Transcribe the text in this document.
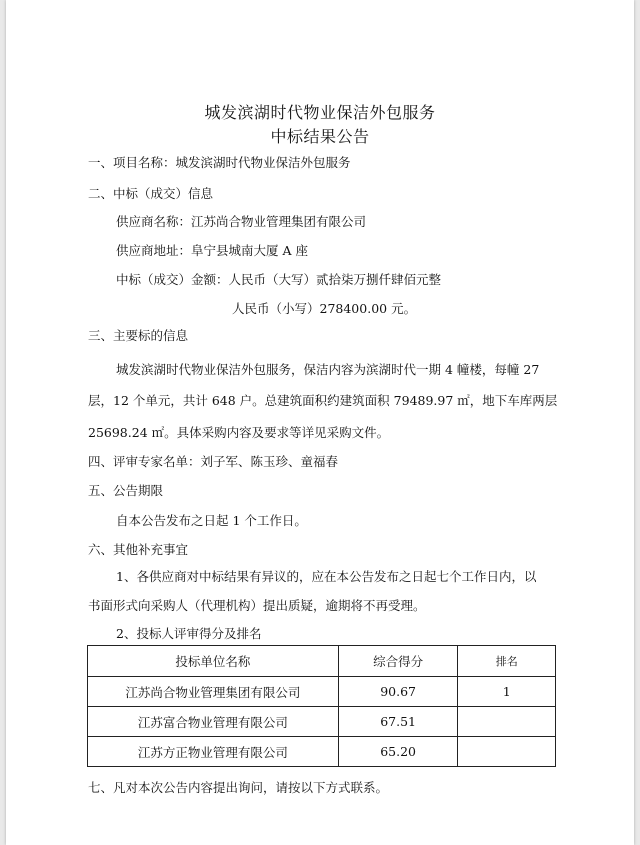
城发滨湖时代物业保洁外包服务
中标结果公告
一、项目名称：城发滨湖时代物业保洁外包服务
二、中标（成交）信息
供应商名称：江苏尚合物业管理集团有限公司
供应商地址：阜宁县城南大厦 A 座
中标（成交）金额：人民币（大写）贰拾柒万捌仟肆佰元整
人民币（小写）278400.00 元。
三、主要标的信息
城发滨湖时代物业保洁外包服务，保洁内容为滨湖时代一期 4 幢楼，每幢 27
层，12 个单元，共计 648 户。总建筑面积约建筑面积 79489.97 ㎡，地下车库两层
25698.24 ㎡。具体采购内容及要求等详见采购文件。
四、评审专家名单：刘子军、陈玉珍、童福春
五、公告期限
自本公告发布之日起 1 个工作日。
六、其他补充事宜
1、各供应商对中标结果有异议的，应在本公告发布之日起七个工作日内，以
书面形式向采购人（代理机构）提出质疑，逾期将不再受理。
2、投标人评审得分及排名
投标单位名称	综合得分	排名
江苏尚合物业管理集团有限公司	90.67	1
江苏富合物业管理有限公司	67.51	
江苏方正物业管理有限公司	65.20	
七、凡对本次公告内容提出询问，请按以下方式联系。
